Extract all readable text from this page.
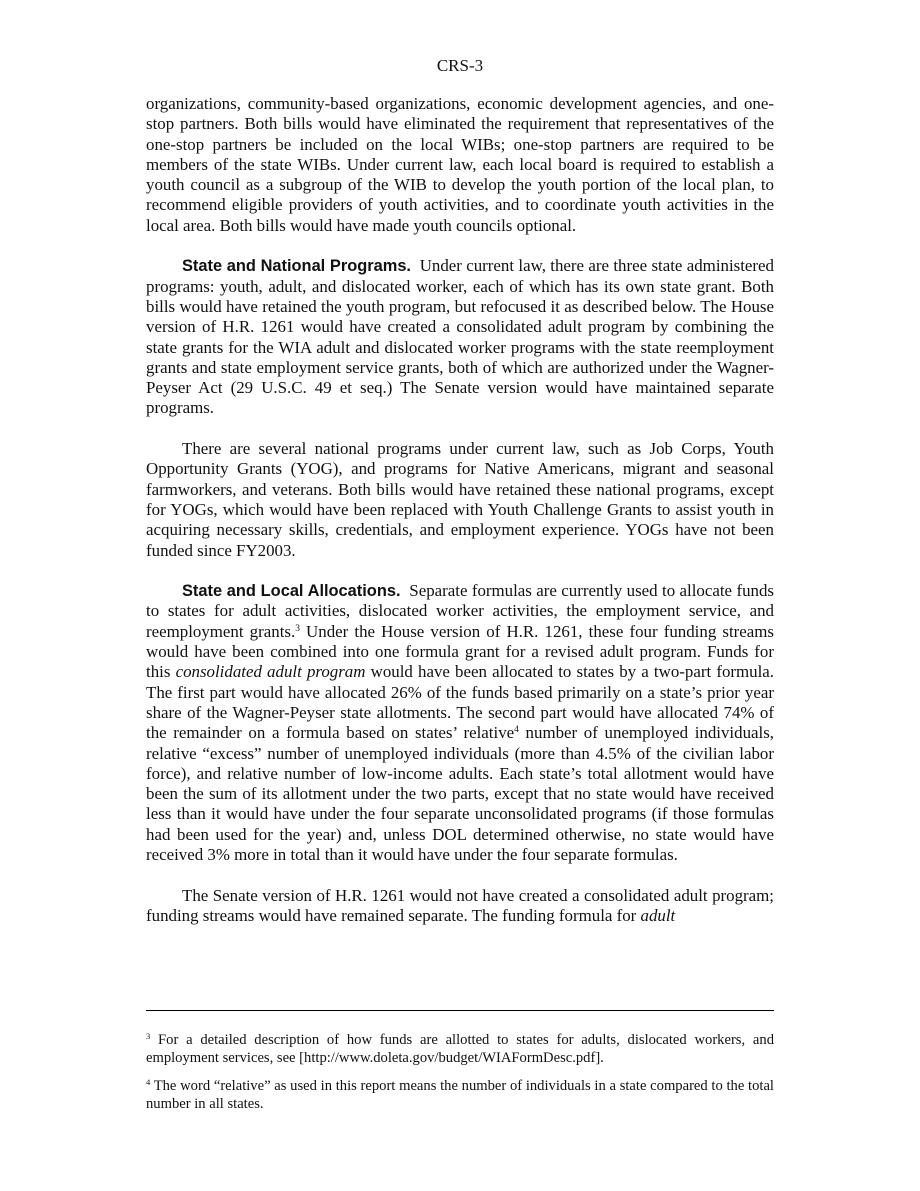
CRS-3

organizations, community-based organizations, economic development agencies, and one-stop partners. Both bills would have eliminated the requirement that representatives of the one-stop partners be included on the local WIBs; one-stop partners are required to be members of the state WIBs. Under current law, each local board is required to establish a youth council as a subgroup of the WIB to develop the youth portion of the local plan, to recommend eligible providers of youth activities, and to coordinate youth activities in the local area. Both bills would have made youth councils optional.

State and National Programs. Under current law, there are three state administered programs: youth, adult, and dislocated worker, each of which has its own state grant. Both bills would have retained the youth program, but refocused it as described below. The House version of H.R. 1261 would have created a consolidated adult program by combining the state grants for the WIA adult and dislocated worker programs with the state reemployment grants and state employment service grants, both of which are authorized under the Wagner-Peyser Act (29 U.S.C. 49 et seq.) The Senate version would have maintained separate programs.

There are several national programs under current law, such as Job Corps, Youth Opportunity Grants (YOG), and programs for Native Americans, migrant and seasonal farmworkers, and veterans. Both bills would have retained these national programs, except for YOGs, which would have been replaced with Youth Challenge Grants to assist youth in acquiring necessary skills, credentials, and employment experience. YOGs have not been funded since FY2003.

State and Local Allocations. Separate formulas are currently used to allocate funds to states for adult activities, dislocated worker activities, the employment service, and reemployment grants.$^3$ Under the House version of H.R. 1261, these four funding streams would have been combined into one formula grant for a revised adult program. Funds for this consolidated adult program would have been allocated to states by a two-part formula. The first part would have allocated 26% of the funds based primarily on a state’s prior year share of the Wagner-Peyser state allotments. The second part would have allocated 74% of the remainder on a formula based on states’ relative$^4$ number of unemployed individuals, relative “excess” number of unemployed individuals (more than 4.5% of the civilian labor force), and relative number of low-income adults. Each state’s total allotment would have been the sum of its allotment under the two parts, except that no state would have received less than it would have under the four separate unconsolidated programs (if those formulas had been used for the year) and, unless DOL determined otherwise, no state would have received 3% more in total than it would have under the four separate formulas.

The Senate version of H.R. 1261 would not have created a consolidated adult program; funding streams would have remained separate. The funding formula for adult

$^3$ For a detailed description of how funds are allotted to states for adults, dislocated workers, and employment services, see [http://www.doleta.gov/budget/WIAFormDesc.pdf].

$^4$ The word “relative” as used in this report means the number of individuals in a state compared to the total number in all states.
